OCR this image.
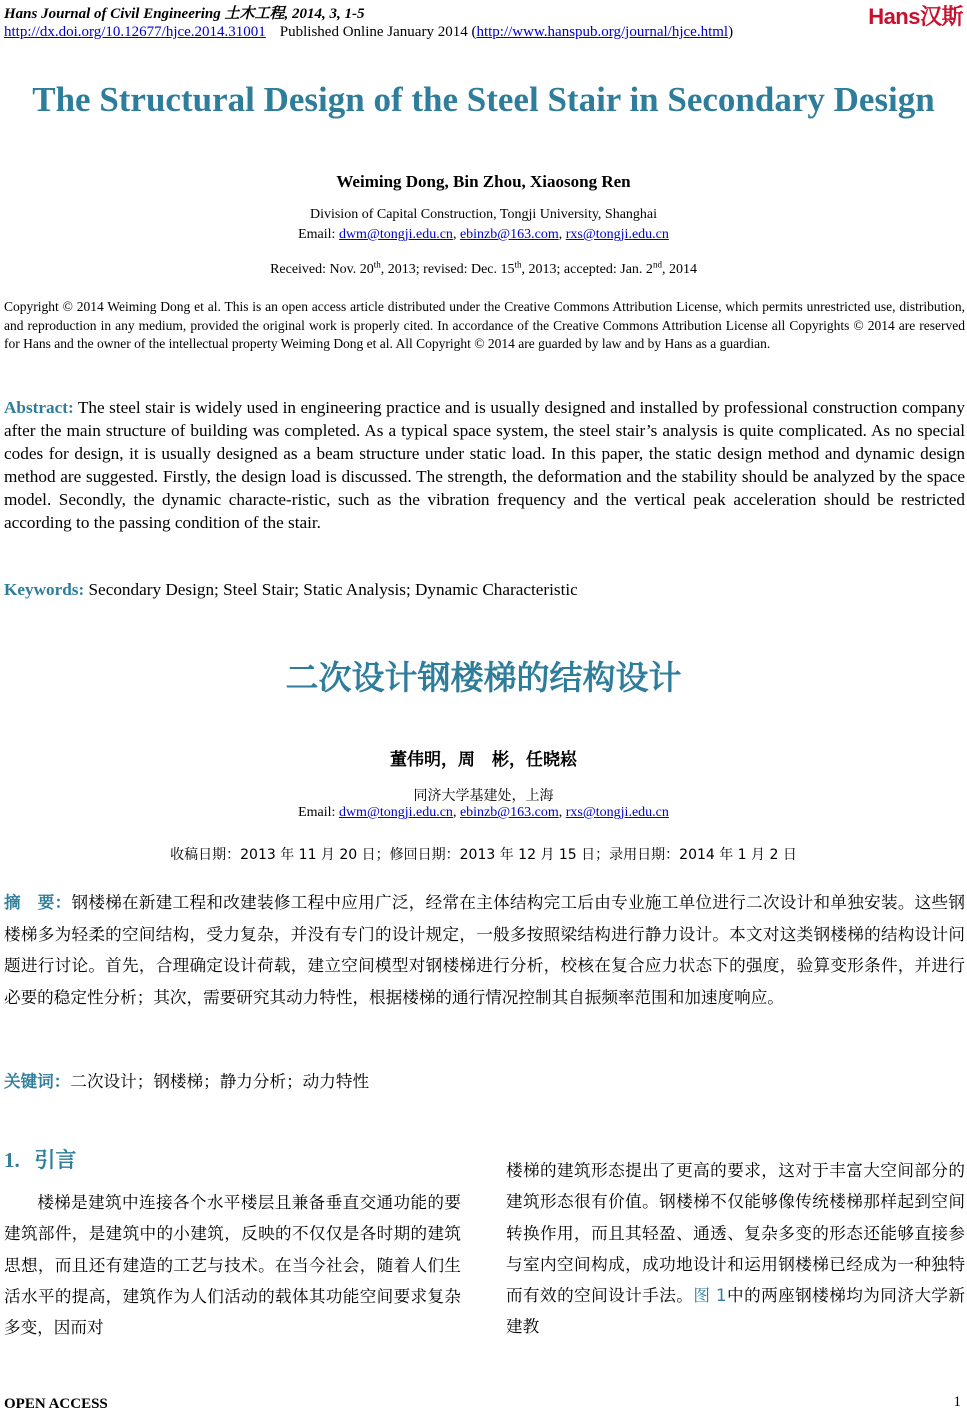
Hans Journal of Civil Engineering 土木工程, 2014, 3, 1-5	Hans汉斯
http://dx.doi.org/10.12677/hjce.2014.31001 Published Online January 2014 (http://www.hanspub.org/journal/hjce.html)
The Structural Design of the Steel Stair in Secondary Design
Weiming Dong, Bin Zhou, Xiaosong Ren
Division of Capital Construction, Tongji University, Shanghai
Email: dwm@tongji.edu.cn, ebinzb@163.com, rxs@tongji.edu.cn
Received: Nov. 20th, 2013; revised: Dec. 15th, 2013; accepted: Jan. 2nd, 2014
Copyright © 2014 Weiming Dong et al. This is an open access article distributed under the Creative Commons Attribution License, which permits unrestricted use, distribution, and reproduction in any medium, provided the original work is properly cited. In accordance of the Creative Commons Attribution License all Copyrights © 2014 are reserved for Hans and the owner of the intellectual property Weiming Dong et al. All Copyright © 2014 are guarded by law and by Hans as a guardian.
Abstract: The steel stair is widely used in engineering practice and is usually designed and installed by professional construction company after the main structure of building was completed. As a typical space system, the steel stair’s analysis is quite complicated. As no special codes for design, it is usually designed as a beam structure under static load. In this paper, the static design method and dynamic design method are suggested. Firstly, the design load is discussed. The strength, the deformation and the stability should be analyzed by the space model. Secondly, the dynamic characte-ristic, such as the vibration frequency and the vertical peak acceleration should be restricted according to the passing condition of the stair.
Keywords: Secondary Design; Steel Stair; Static Analysis; Dynamic Characteristic
二次设计钢楼梯的结构设计
董伟明，周　彬，任晓崧
同济大学基建处，上海
Email: dwm@tongji.edu.cn, ebinzb@163.com, rxs@tongji.edu.cn
收稿日期：2013 年 11 月 20 日；修回日期：2013 年 12 月 15 日；录用日期：2014 年 1 月 2 日
摘　要：钢楼梯在新建工程和改建装修工程中应用广泛，经常在主体结构完工后由专业施工单位进行二次设计和单独安装。这些钢楼梯多为轻柔的空间结构，受力复杂，并没有专门的设计规定，一般多按照梁结构进行静力设计。本文对这类钢楼梯的结构设计问题进行讨论。首先，合理确定设计荷载，建立空间模型对钢楼梯进行分析，校核在复合应力状态下的强度，验算变形条件，并进行必要的稳定性分析；其次，需要研究其动力特性，根据楼梯的通行情况控制其自振频率范围和加速度响应。
关键词：二次设计；钢楼梯；静力分析；动力特性
1. 引言
楼梯是建筑中连接各个水平楼层且兼备垂直交通功能的要建筑部件，是建筑中的小建筑，反映的不仅仅是各时期的建筑思想，而且还有建造的工艺与技术。在当今社会，随着人们生活水平的提高，建筑作为人们活动的载体其功能空间要求复杂多变，因而对
楼梯的建筑形态提出了更高的要求，这对于丰富大空间部分的建筑形态很有价值。钢楼梯不仅能够像传统楼梯那样起到空间转换作用，而且其轻盈、通透、复杂多变的形态还能够直接参与室内空间构成，成功地设计和运用钢楼梯已经成为一种独特而有效的空间设计手法。图 1中的两座钢楼梯均为同济大学新建教
OPEN ACCESS	1
